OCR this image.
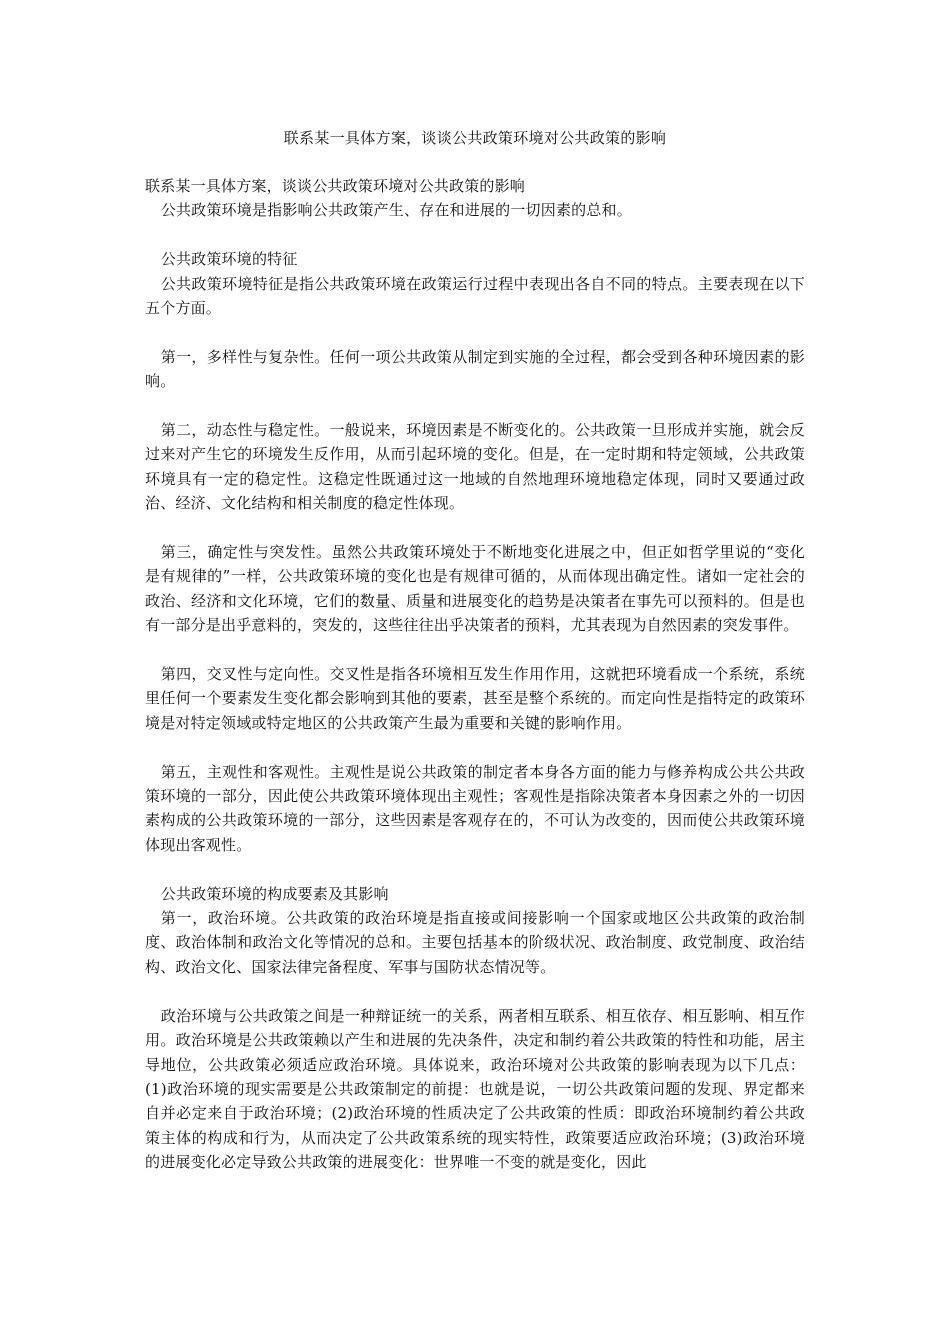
联系某一具体方案，谈谈公共政策环境对公共政策的影响

联系某一具体方案，谈谈公共政策环境对公共政策的影响

公共政策环境是指影响公共政策产生、存在和进展的一切因素的总和。

公共政策环境的特征

公共政策环境特征是指公共政策环境在政策运行过程中表现出各自不同的特点。主要表现在以下五个方面。

第一，多样性与复杂性。任何一项公共政策从制定到实施的全过程，都会受到各种环境因素的影响。

第二，动态性与稳定性。一般说来，环境因素是不断变化的。公共政策一旦形成并实施，就会反过来对产生它的环境发生反作用，从而引起环境的变化。但是，在一定时期和特定领域，公共政策环境具有一定的稳定性。这稳定性既通过这一地域的自然地理环境地稳定体现，同时又要通过政治、经济、文化结构和相关制度的稳定性体现。

第三，确定性与突发性。虽然公共政策环境处于不断地变化进展之中，但正如哲学里说的“变化是有规律的”一样，公共政策环境的变化也是有规律可循的，从而体现出确定性。诸如一定社会的政治、经济和文化环境，它们的数量、质量和进展变化的趋势是决策者在事先可以预料的。但是也有一部分是出乎意料的，突发的，这些往往出乎决策者的预料，尤其表现为自然因素的突发事件。

第四，交叉性与定向性。交叉性是指各环境相互发生作用作用，这就把环境看成一个系统，系统里任何一个要素发生变化都会影响到其他的要素，甚至是整个系统的。而定向性是指特定的政策环境是对特定领域或特定地区的公共政策产生最为重要和关键的影响作用。

第五，主观性和客观性。主观性是说公共政策的制定者本身各方面的能力与修养构成公共公共政策环境的一部分，因此使公共政策环境体现出主观性；客观性是指除决策者本身因素之外的一切因素构成的公共政策环境的一部分，这些因素是客观存在的，不可认为改变的，因而使公共政策环境体现出客观性。

公共政策环境的构成要素及其影响

第一，政治环境。公共政策的政治环境是指直接或间接影响一个国家或地区公共政策的政治制度、政治体制和政治文化等情况的总和。主要包括基本的阶级状况、政治制度、政党制度、政治结构、政治文化、国家法律完备程度、军事与国防状态情况等。

政治环境与公共政策之间是一种辩证统一的关系，两者相互联系、相互依存、相互影响、相互作用。政治环境是公共政策赖以产生和进展的先决条件，决定和制约着公共政策的特性和功能，居主导地位，公共政策必须适应政治环境。具体说来，政治环境对公共政策的影响表现为以下几点：(1)政治环境的现实需要是公共政策制定的前提：也就是说，一切公共政策问题的发现、界定都来自并必定来自于政治环境；(2)政治环境的性质决定了公共政策的性质：即政治环境制约着公共政策主体的构成和行为，从而决定了公共政策系统的现实特性，政策要适应政治环境；(3)政治环境的进展变化必定导致公共政策的进展变化：世界唯一不变的就是变化，因此
